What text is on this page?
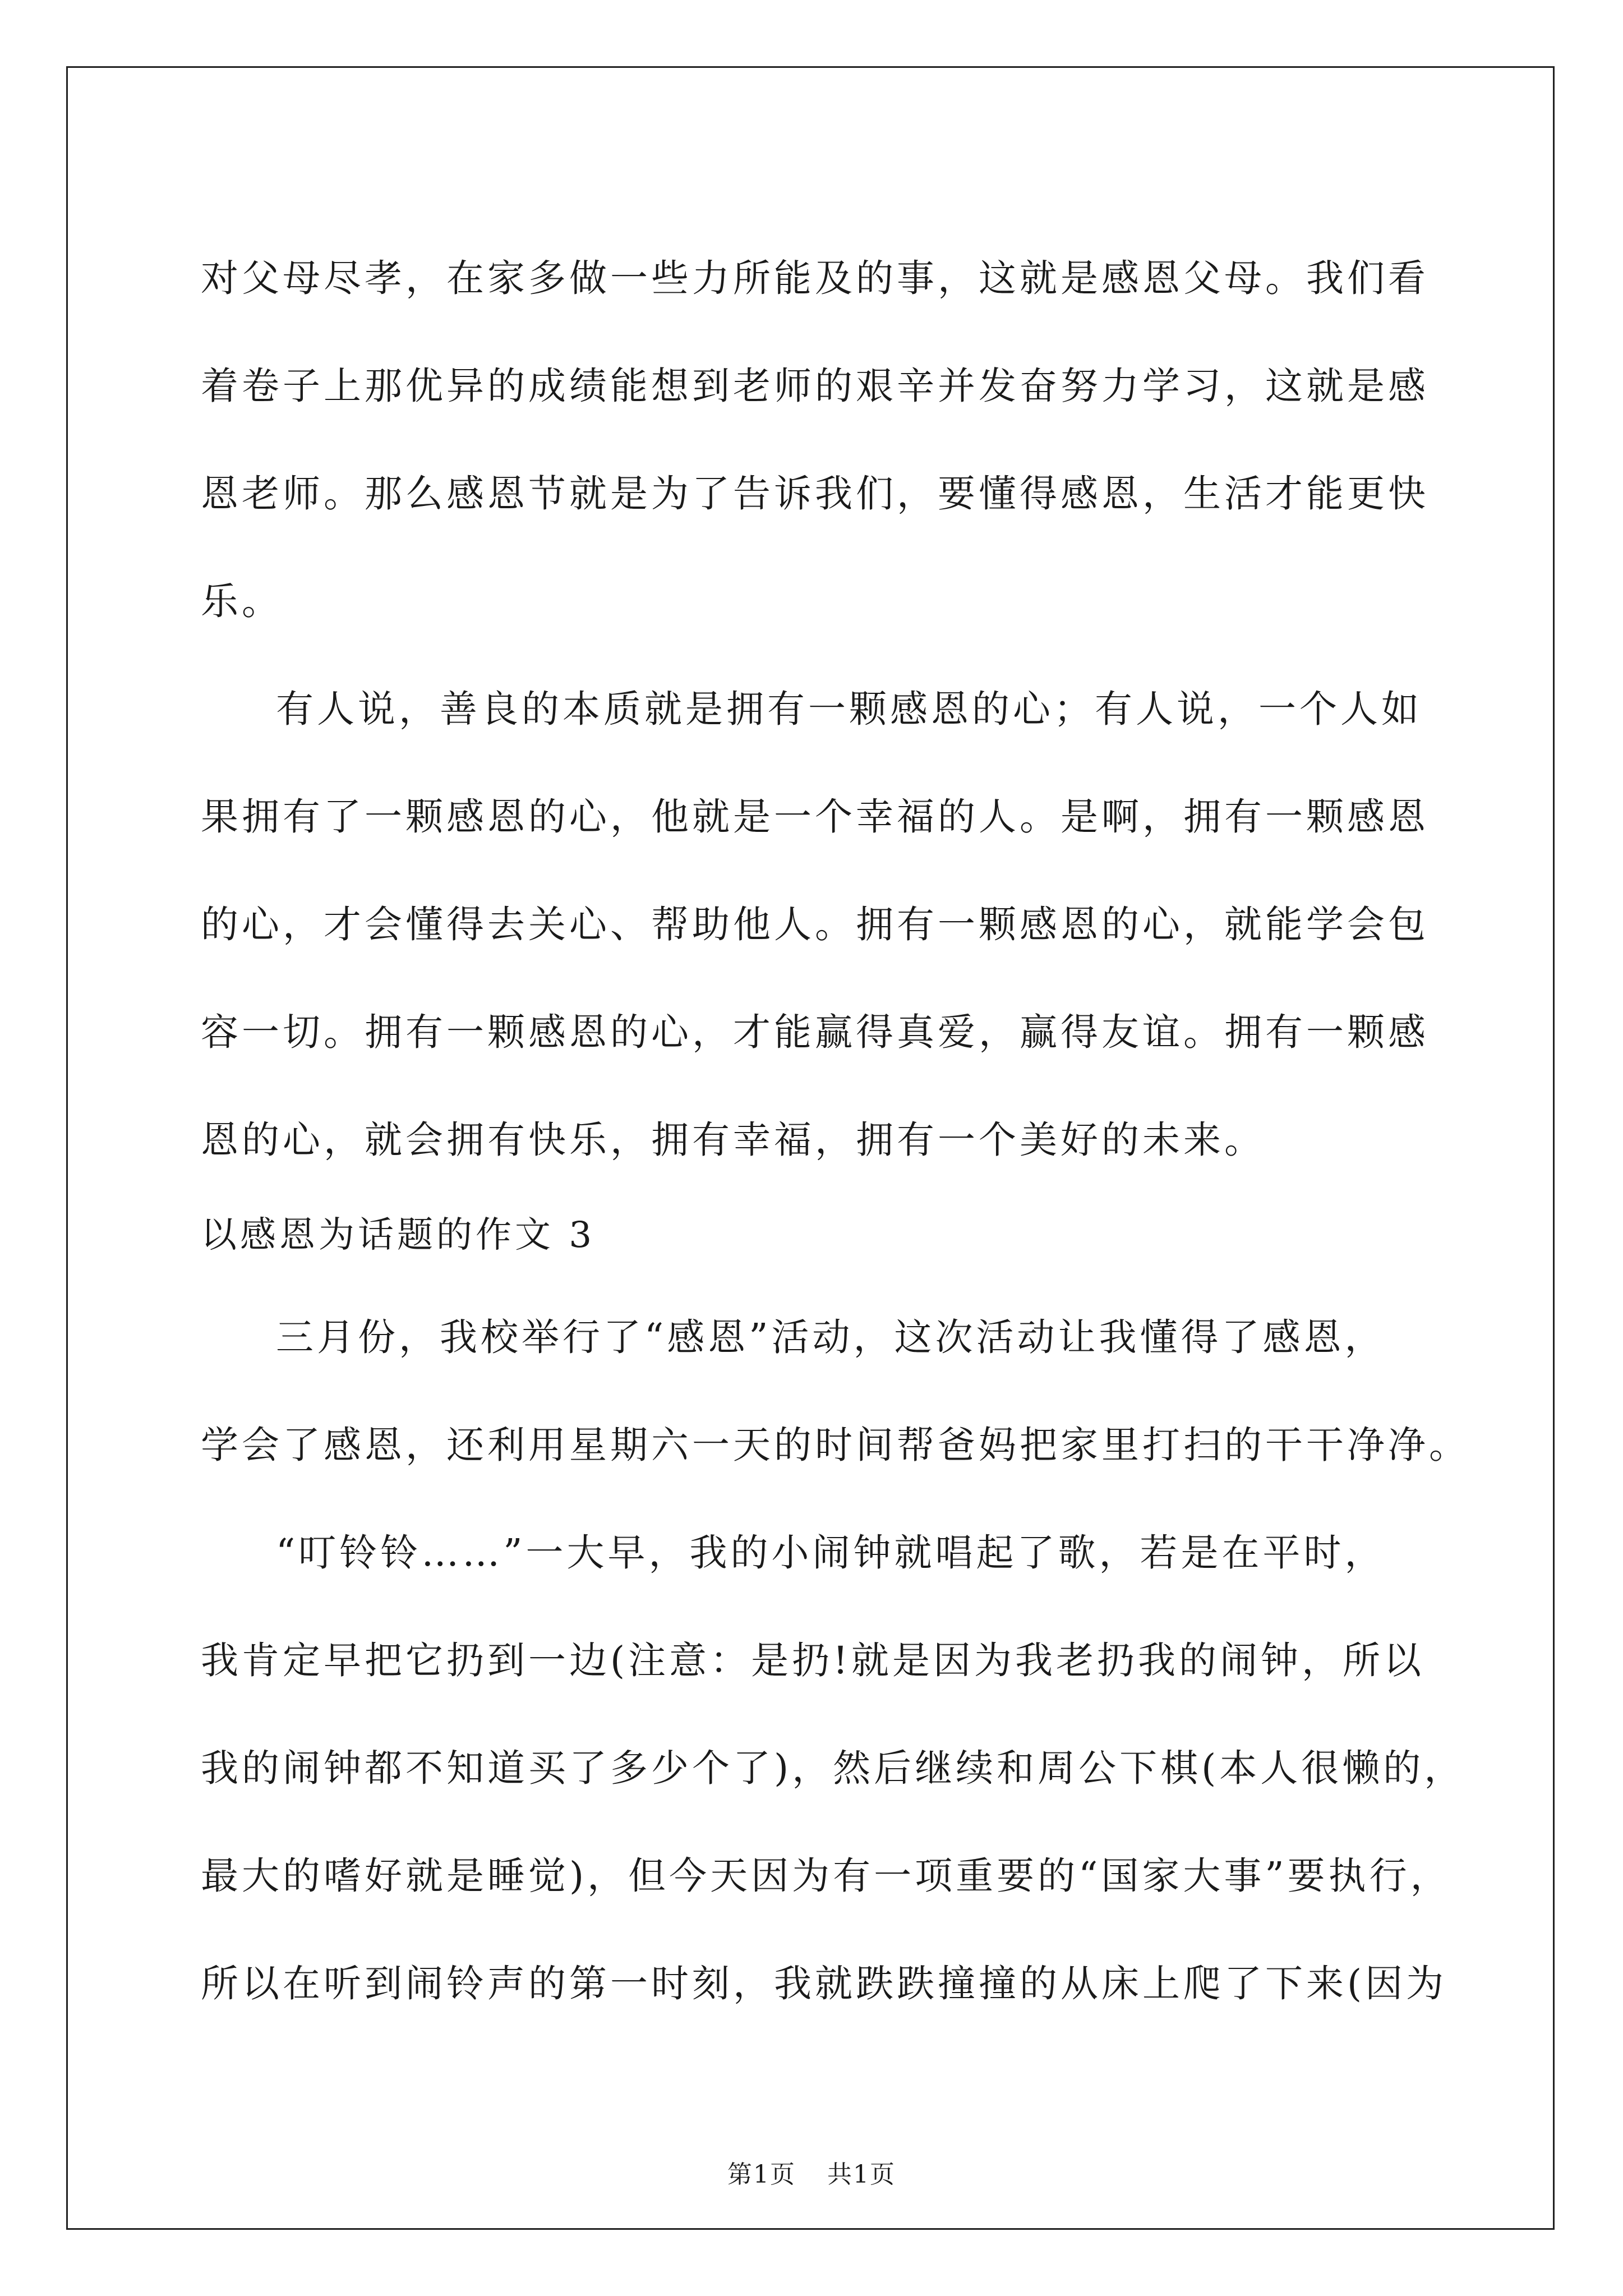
对父母尽孝，在家多做一些力所能及的事，这就是感恩父母。我们看
着卷子上那优异的成绩能想到老师的艰辛并发奋努力学习，这就是感
恩老师。那么感恩节就是为了告诉我们，要懂得感恩，生活才能更快
乐。
有人说，善良的本质就是拥有一颗感恩的心；有人说，一个人如
果拥有了一颗感恩的心，他就是一个幸福的人。是啊，拥有一颗感恩
的心，才会懂得去关心、帮助他人。拥有一颗感恩的心，就能学会包
容一切。拥有一颗感恩的心，才能赢得真爱，赢得友谊。拥有一颗感
恩的心，就会拥有快乐，拥有幸福，拥有一个美好的未来。
以感恩为话题的作文 3
三月份，我校举行了“感恩”活动，这次活动让我懂得了感恩，
学会了感恩，还利用星期六一天的时间帮爸妈把家里打扫的干干净净。
“叮铃铃……”一大早，我的小闹钟就唱起了歌，若是在平时，
我肯定早把它扔到一边(注意：是扔!就是因为我老扔我的闹钟，所以
我的闹钟都不知道买了多少个了)，然后继续和周公下棋(本人很懒的，
最大的嗜好就是睡觉)，但今天因为有一项重要的“国家大事”要执行，
所以在听到闹铃声的第一时刻，我就跌跌撞撞的从床上爬了下来(因为
第1页 共1页
